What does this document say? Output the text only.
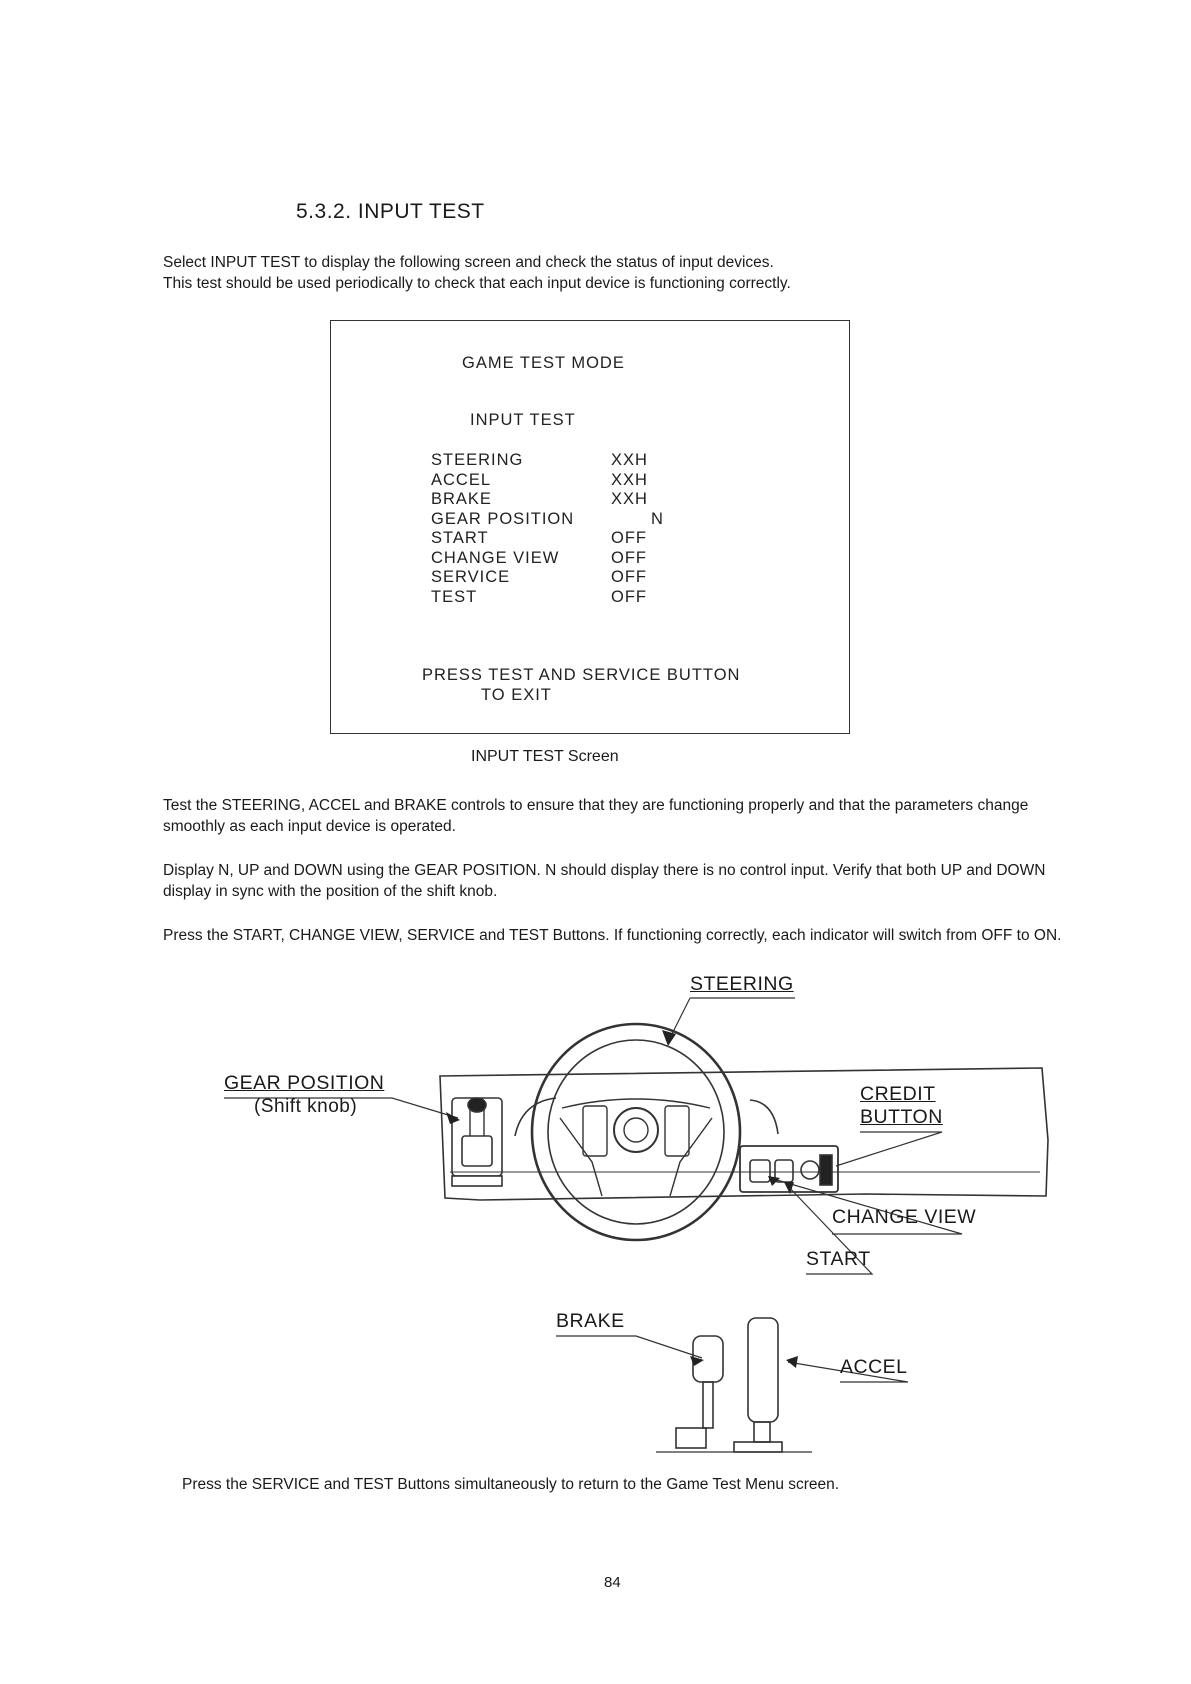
5.3.2. INPUT TEST
Select INPUT TEST to display the following screen and check the status of input devices.
This test should be used periodically to check that each input device is functioning correctly.
GAME TEST MODE
INPUT TEST
STEERING	XXH
ACCEL	XXH
BRAKE	XXH
GEAR POSITION	N
START	OFF
CHANGE VIEW	OFF
SERVICE	OFF
TEST	OFF
PRESS TEST AND SERVICE BUTTON
TO EXIT
INPUT TEST Screen
Test the STEERING, ACCEL and BRAKE controls to ensure that they are functioning properly and that the parameters change smoothly as each input device is operated.
Display N, UP and DOWN using the GEAR POSITION. N should display there is no control input. Verify that both UP and DOWN display in sync with the position of the shift knob.
Press the START, CHANGE VIEW, SERVICE and TEST Buttons. If functioning correctly, each indicator will switch from OFF to ON.
STEERING
GEAR POSITION
(Shift knob)
CREDIT
BUTTON
CHANGE VIEW
START
BRAKE
ACCEL
Press the SERVICE and TEST Buttons simultaneously to return to the Game Test Menu screen.
84
